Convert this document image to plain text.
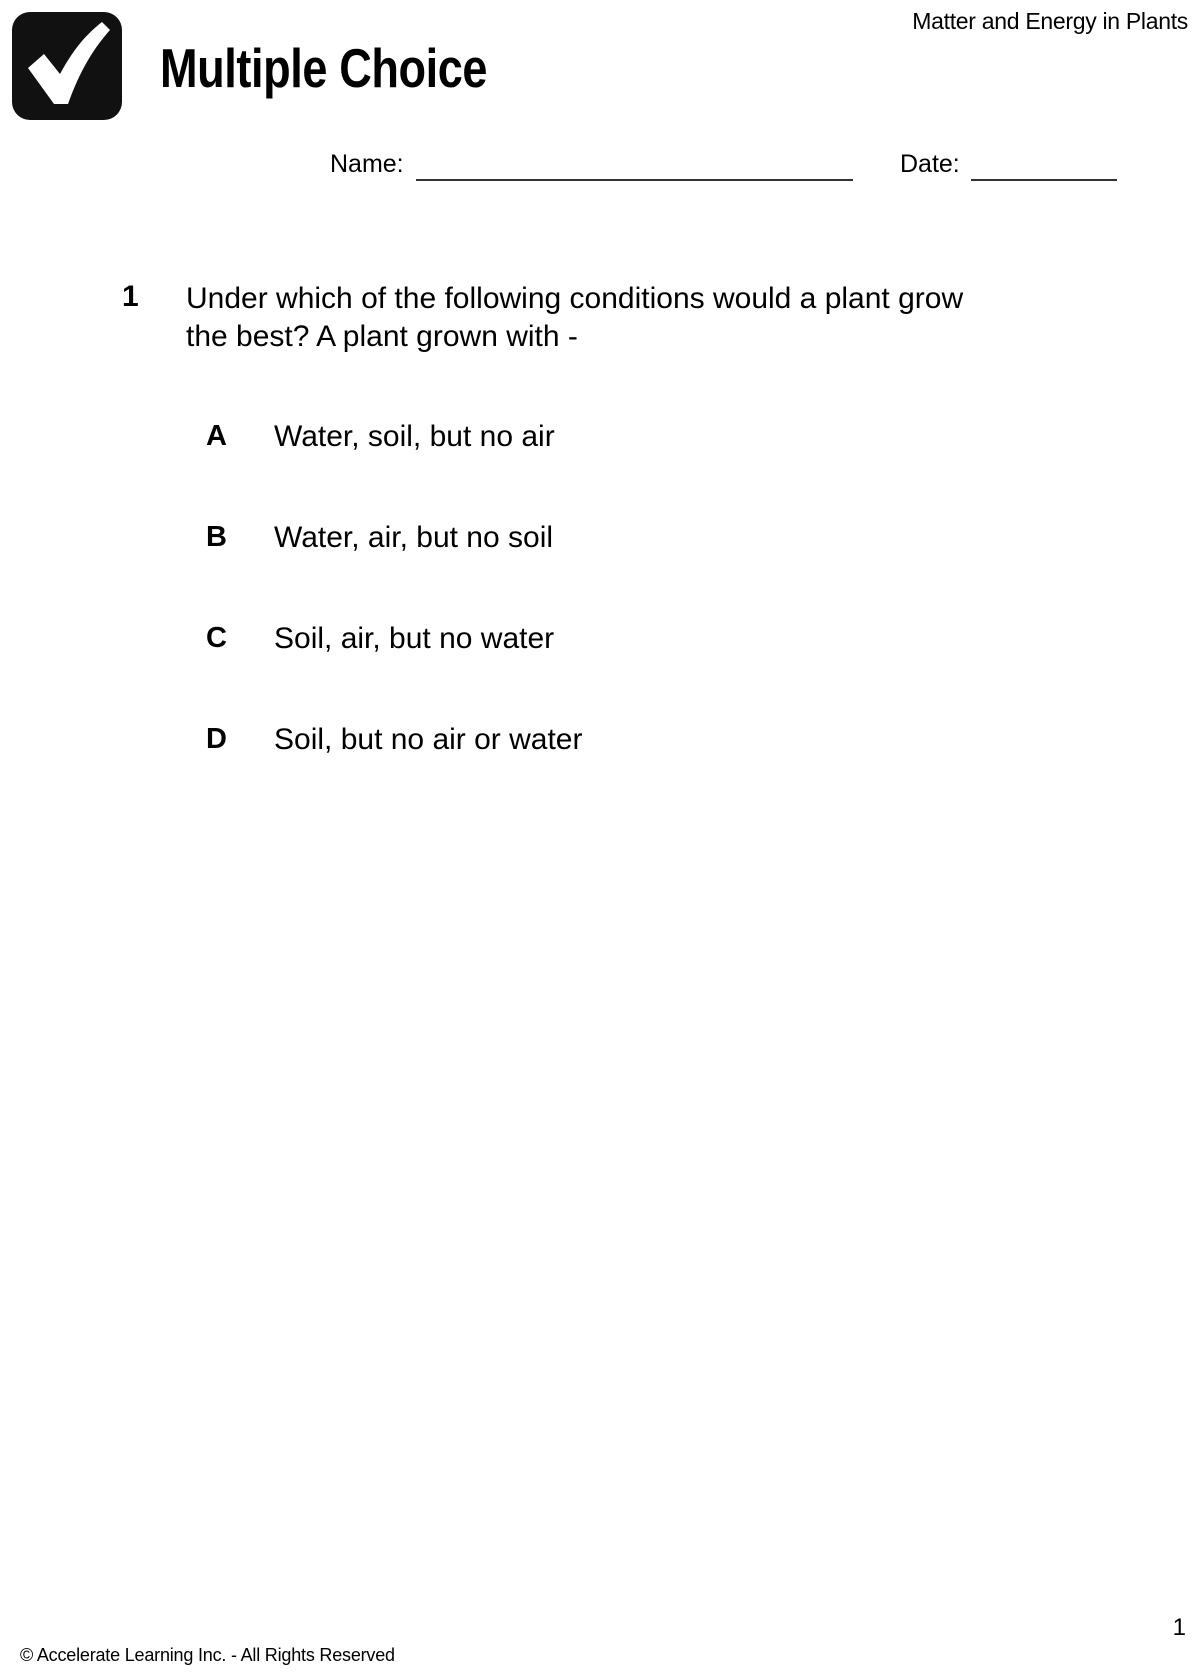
Matter and Energy in Plants
Multiple Choice
Name:	Date:
1 Under which of the following conditions would a plant grow the best? A plant grown with -
A	Water, soil, but no air
B	Water, air, but no soil
C	Soil, air, but no water
D	Soil, but no air or water
© Accelerate Learning Inc. - All Rights Reserved
1
